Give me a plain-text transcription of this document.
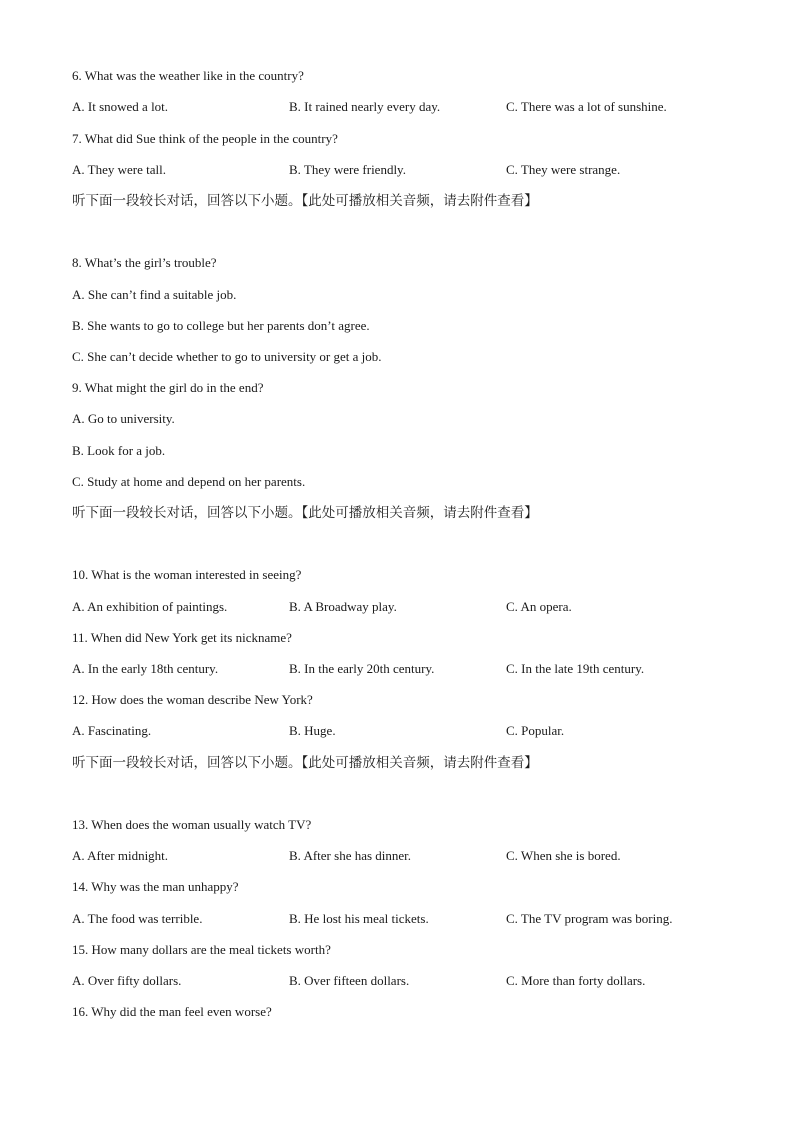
6. What was the weather like in the country?
A. It snowed a lot.	B. It rained nearly every day.	C. There was a lot of sunshine.
7. What did Sue think of the people in the country?
A. They were tall.	B. They were friendly.	C. They were strange.
听下面一段较长对话，回答以下小题。【此处可播放相关音频，请去附件查看】
8. What’s the girl’s trouble?
A. She can’t find a suitable job.
B. She wants to go to college but her parents don’t agree.
C. She can’t decide whether to go to university or get a job.
9. What might the girl do in the end?
A. Go to university.
B. Look for a job.
C. Study at home and depend on her parents.
听下面一段较长对话，回答以下小题。【此处可播放相关音频，请去附件查看】
10. What is the woman interested in seeing?
A. An exhibition of paintings.	B. A Broadway play.	C. An opera.
11. When did New York get its nickname?
A. In the early 18th century.	B. In the early 20th century.	C. In the late 19th century.
12. How does the woman describe New York?
A. Fascinating.	B. Huge.	C. Popular.
听下面一段较长对话，回答以下小题。【此处可播放相关音频，请去附件查看】
13. When does the woman usually watch TV?
A. After midnight.	B. After she has dinner.	C. When she is bored.
14. Why was the man unhappy?
A. The food was terrible.	B. He lost his meal tickets.	C. The TV program was boring.
15. How many dollars are the meal tickets worth?
A. Over fifty dollars.	B. Over fifteen dollars.	C. More than forty dollars.
16. Why did the man feel even worse?
